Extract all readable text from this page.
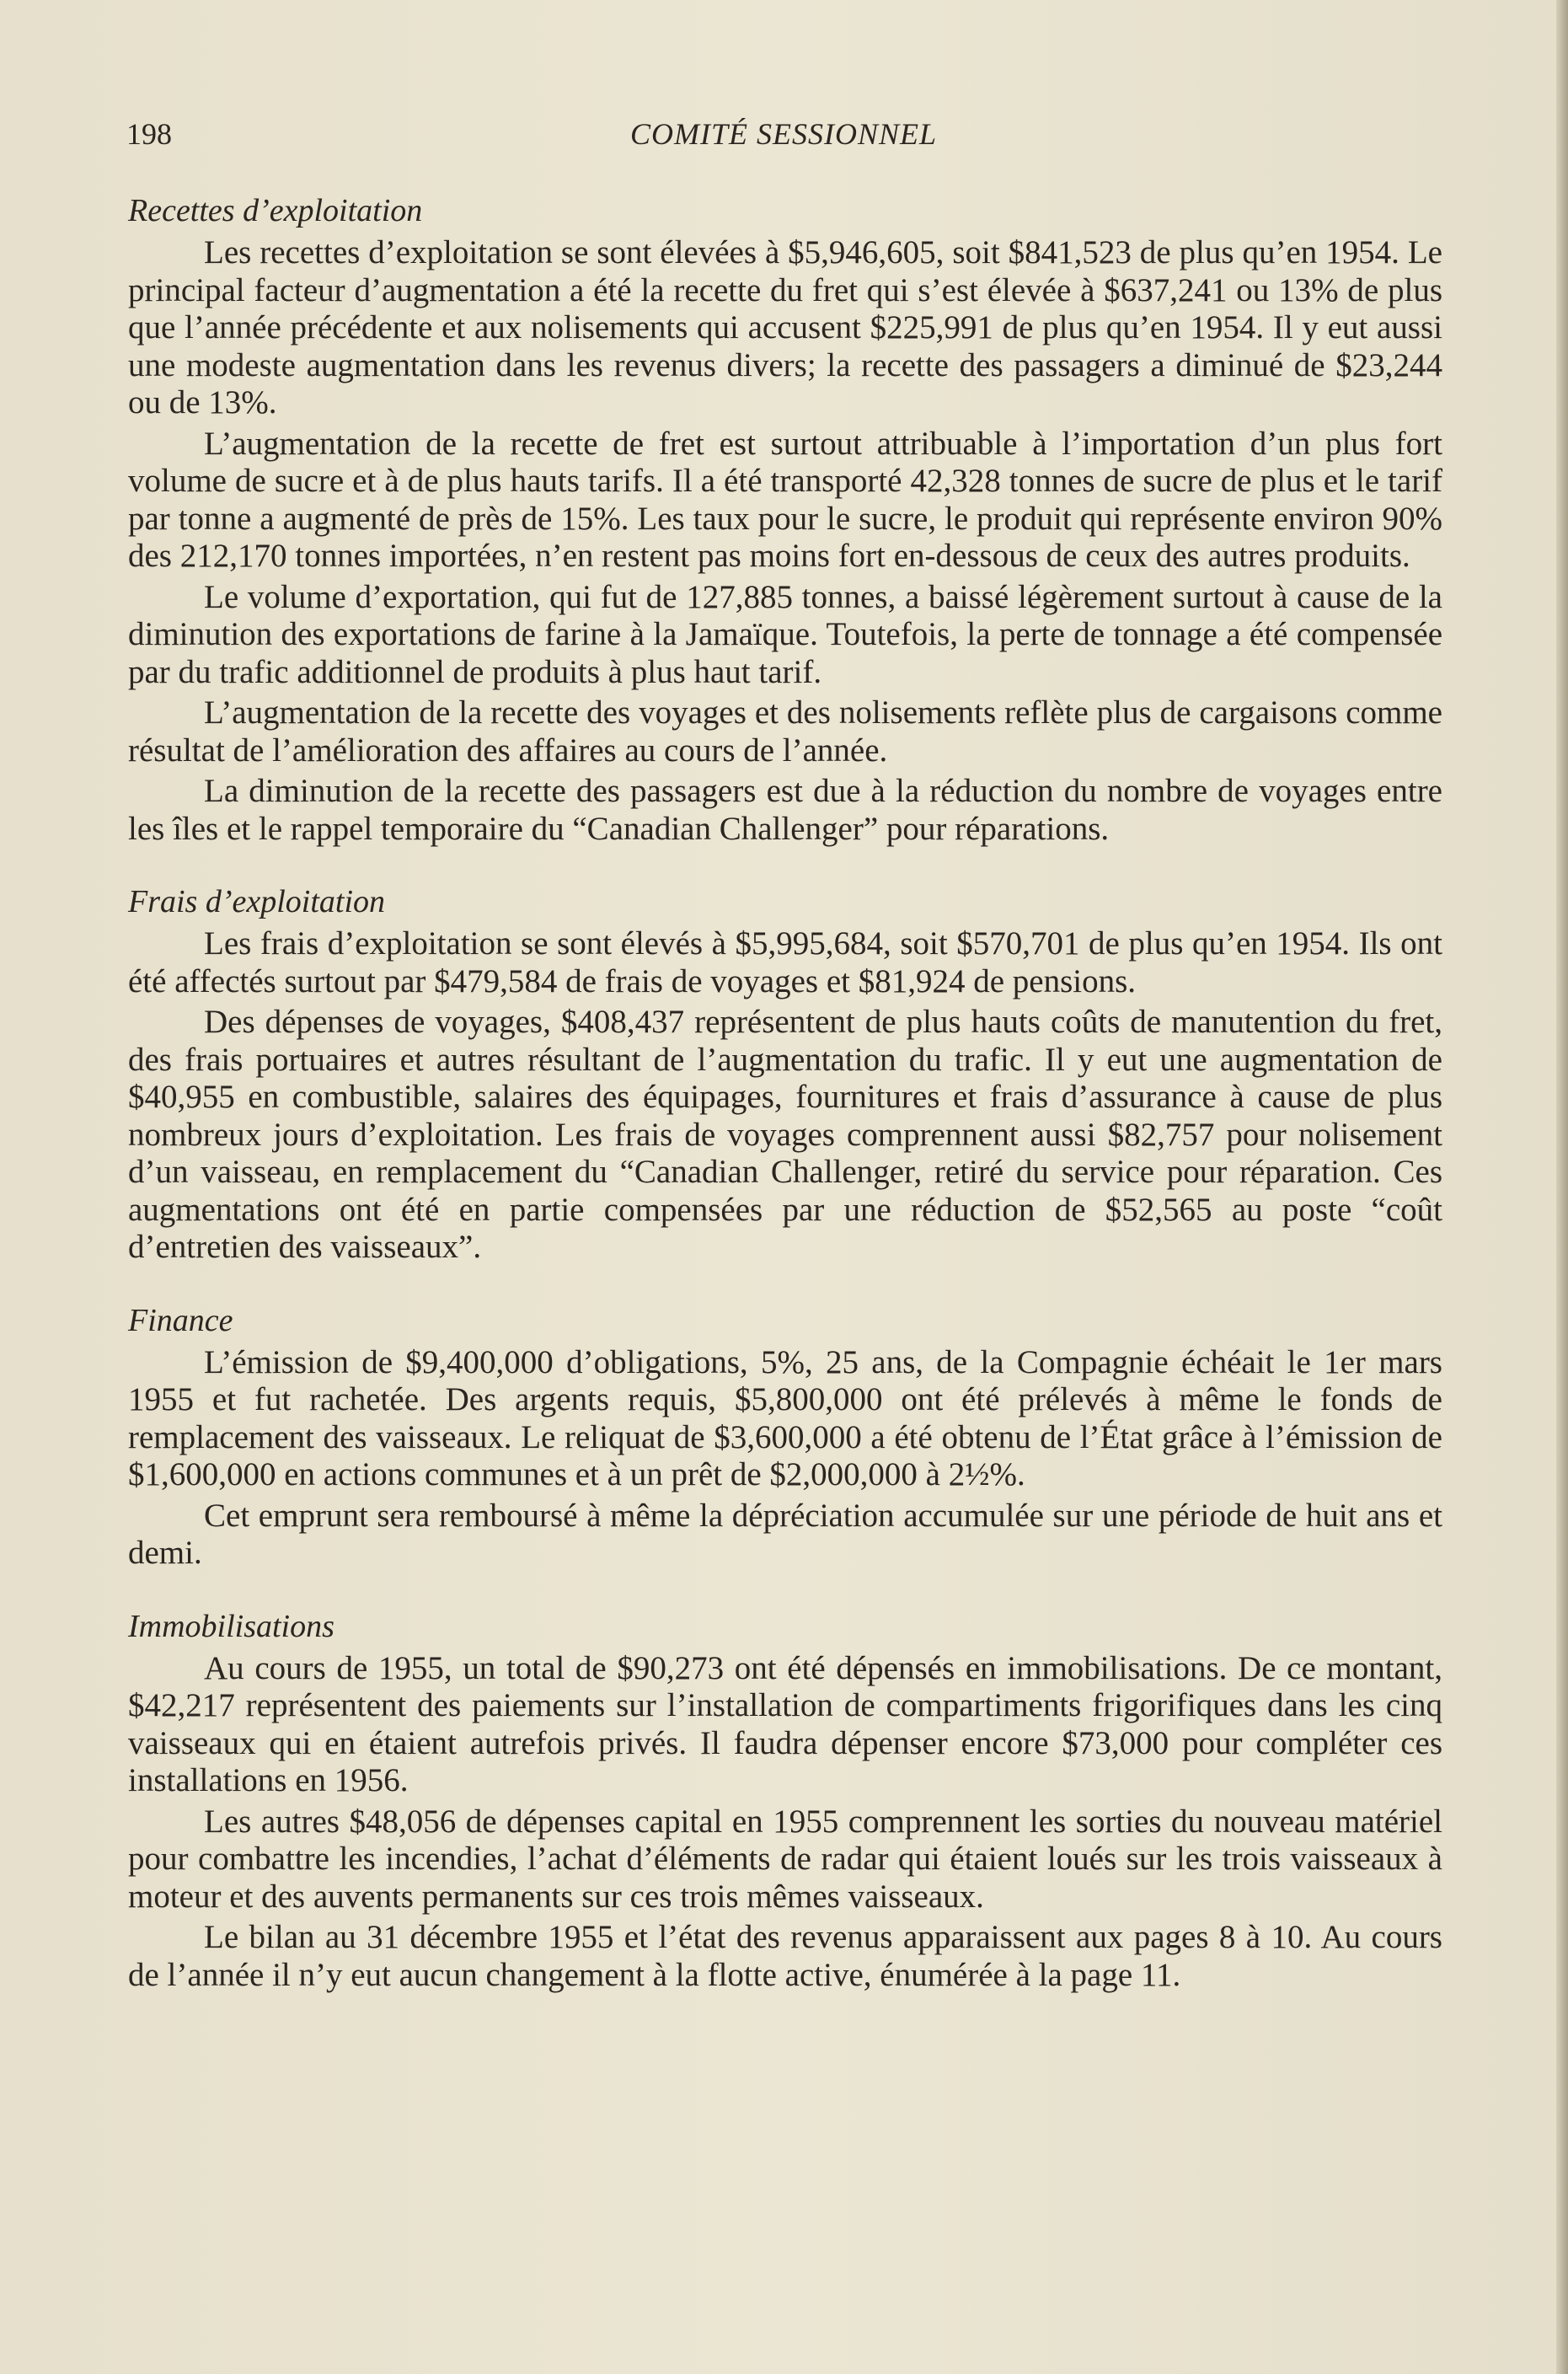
198	COMITÉ SESSIONNEL
Recettes d’exploitation

Les recettes d’exploitation se sont élevées à $5,946,605, soit $841,523 de plus qu’en 1954. Le principal facteur d’augmentation a été la recette du fret qui s’est élevée à $637,241 ou 13% de plus que l’année précédente et aux nolisements qui accusent $225,991 de plus qu’en 1954. Il y eut aussi une modeste augmentation dans les revenus divers; la recette des passagers a diminué de $23,244 ou de 13%.

L’augmentation de la recette de fret est surtout attribuable à l’importation d’un plus fort volume de sucre et à de plus hauts tarifs. Il a été transporté 42,328 tonnes de sucre de plus et le tarif par tonne a augmenté de près de 15%. Les taux pour le sucre, le produit qui représente environ 90% des 212,170 tonnes importées, n’en restent pas moins fort en-dessous de ceux des autres produits.

Le volume d’exportation, qui fut de 127,885 tonnes, a baissé légèrement surtout à cause de la diminution des exportations de farine à la Jamaïque. Toutefois, la perte de tonnage a été compensée par du trafic additionnel de produits à plus haut tarif.

L’augmentation de la recette des voyages et des nolisements reflète plus de cargaisons comme résultat de l’amélioration des affaires au cours de l’année.

La diminution de la recette des passagers est due à la réduction du nombre de voyages entre les îles et le rappel temporaire du “Canadian Challenger” pour réparations.

Frais d’exploitation

Les frais d’exploitation se sont élevés à $5,995,684, soit $570,701 de plus qu’en 1954. Ils ont été affectés surtout par $479,584 de frais de voyages et $81,924 de pensions.

Des dépenses de voyages, $408,437 représentent de plus hauts coûts de manutention du fret, des frais portuaires et autres résultant de l’augmentation du trafic. Il y eut une augmentation de $40,955 en combustible, salaires des équipages, fournitures et frais d’assurance à cause de plus nombreux jours d’exploitation. Les frais de voyages comprennent aussi $82,757 pour nolisement d’un vaisseau, en remplacement du “Canadian Challenger, retiré du service pour réparation. Ces augmentations ont été en partie compensées par une réduction de $52,565 au poste “coût d’entretien des vaisseaux”.

Finance

L’émission de $9,400,000 d’obligations, 5%, 25 ans, de la Compagnie échéait le 1er mars 1955 et fut rachetée. Des argents requis, $5,800,000 ont été prélevés à même le fonds de remplacement des vaisseaux. Le reliquat de $3,600,000 a été obtenu de l’État grâce à l’émission de $1,600,000 en actions communes et à un prêt de $2,000,000 à 2½%.

Cet emprunt sera remboursé à même la dépréciation accumulée sur une période de huit ans et demi.

Immobilisations

Au cours de 1955, un total de $90,273 ont été dépensés en immobilisations. De ce montant, $42,217 représentent des paiements sur l’installation de compartiments frigorifiques dans les cinq vaisseaux qui en étaient autrefois privés. Il faudra dépenser encore $73,000 pour compléter ces installations en 1956.

Les autres $48,056 de dépenses capital en 1955 comprennent les sorties du nouveau matériel pour combattre les incendies, l’achat d’éléments de radar qui étaient loués sur les trois vaisseaux à moteur et des auvents permanents sur ces trois mêmes vaisseaux.

Le bilan au 31 décembre 1955 et l’état des revenus apparaissent aux pages 8 à 10. Au cours de l’année il n’y eut aucun changement à la flotte active, énumérée à la page 11.
